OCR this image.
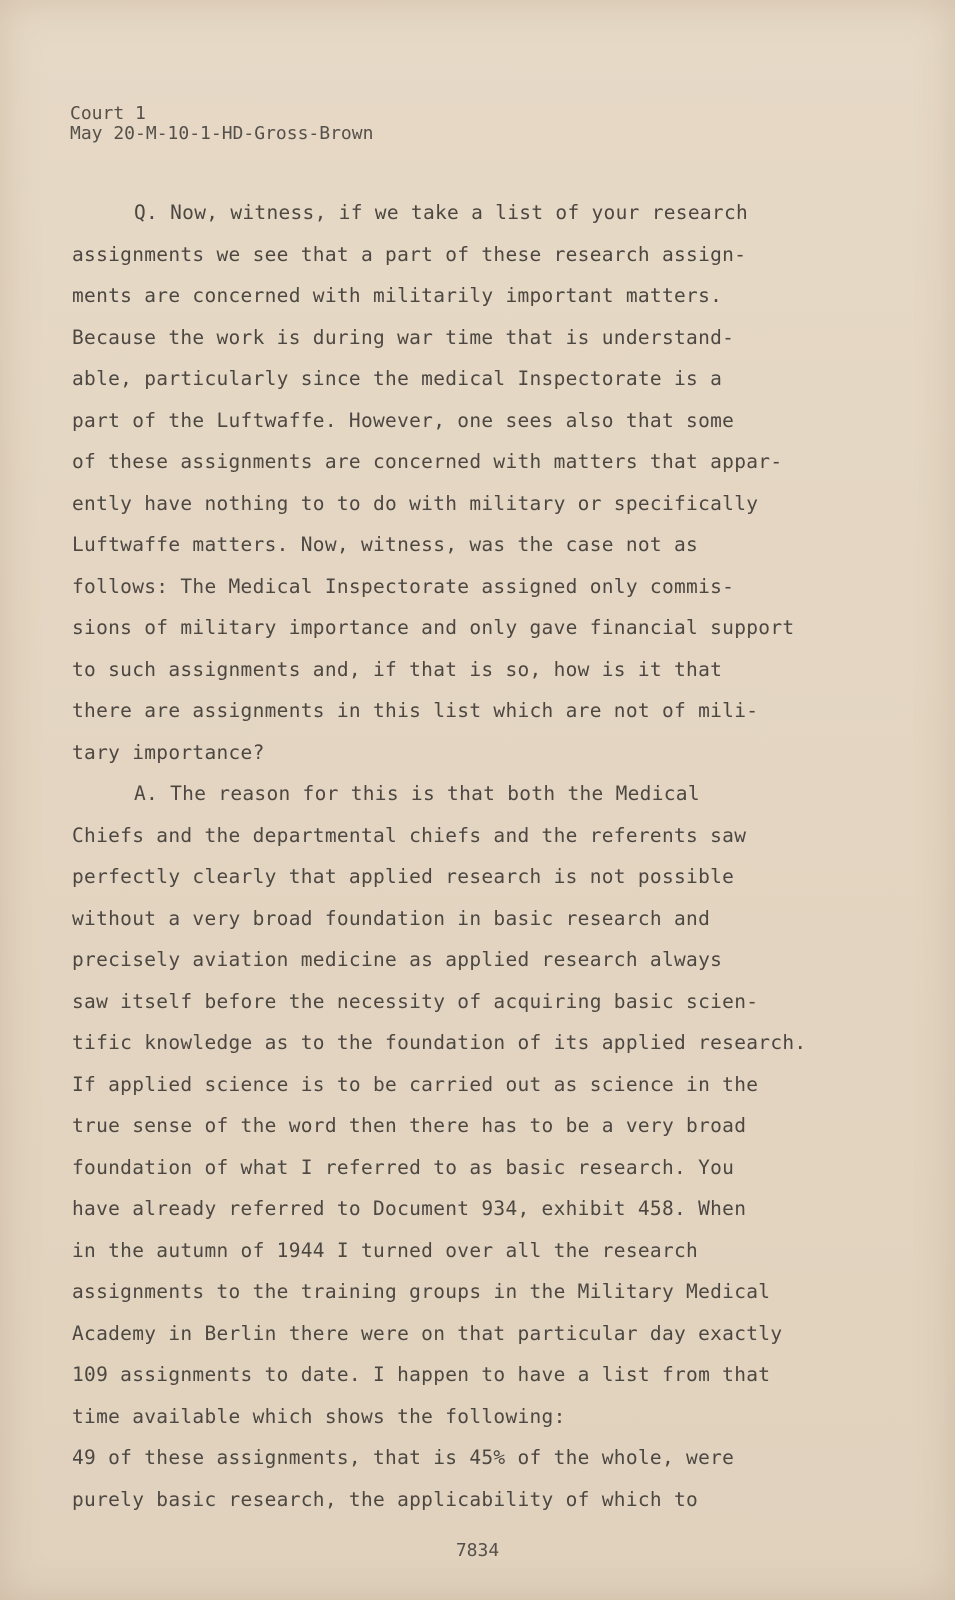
Court 1
May 20-M-10-1-HD-Gross-Brown
Q. Now, witness, if we take a list of your research
assignments we see that a part of these research assign-
ments are concerned with militarily important matters.
Because the work is during war time that is understand-
able, particularly since the medical Inspectorate is a
part of the Luftwaffe. However, one sees also that some
of these assignments are concerned with matters that appar-
ently have nothing to to do with military or specifically
Luftwaffe matters. Now, witness, was the case not as
follows: The Medical Inspectorate assigned only commis-
sions of military importance and only gave financial support
to such assignments and, if that is so, how is it that
there are assignments in this list which are not of mili-
tary importance?
A. The reason for this is that both the Medical
Chiefs and the departmental chiefs and the referents saw
perfectly clearly that applied research is not possible
without a very broad foundation in basic research and
precisely aviation medicine as applied research always
saw itself before the necessity of acquiring basic scien-
tific knowledge as to the foundation of its applied research.
If applied science is to be carried out as science in the
true sense of the word then there has to be a very broad
foundation of what I referred to as basic research. You
have already referred to Document 934, exhibit 458. When
in the autumn of 1944 I turned over all the research
assignments to the training groups in the Military Medical
Academy in Berlin there were on that particular day exactly
109 assignments to date. I happen to have a list from that
time available which shows the following:
49 of these assignments, that is 45% of the whole, were
purely basic research, the applicability of which to
7834
